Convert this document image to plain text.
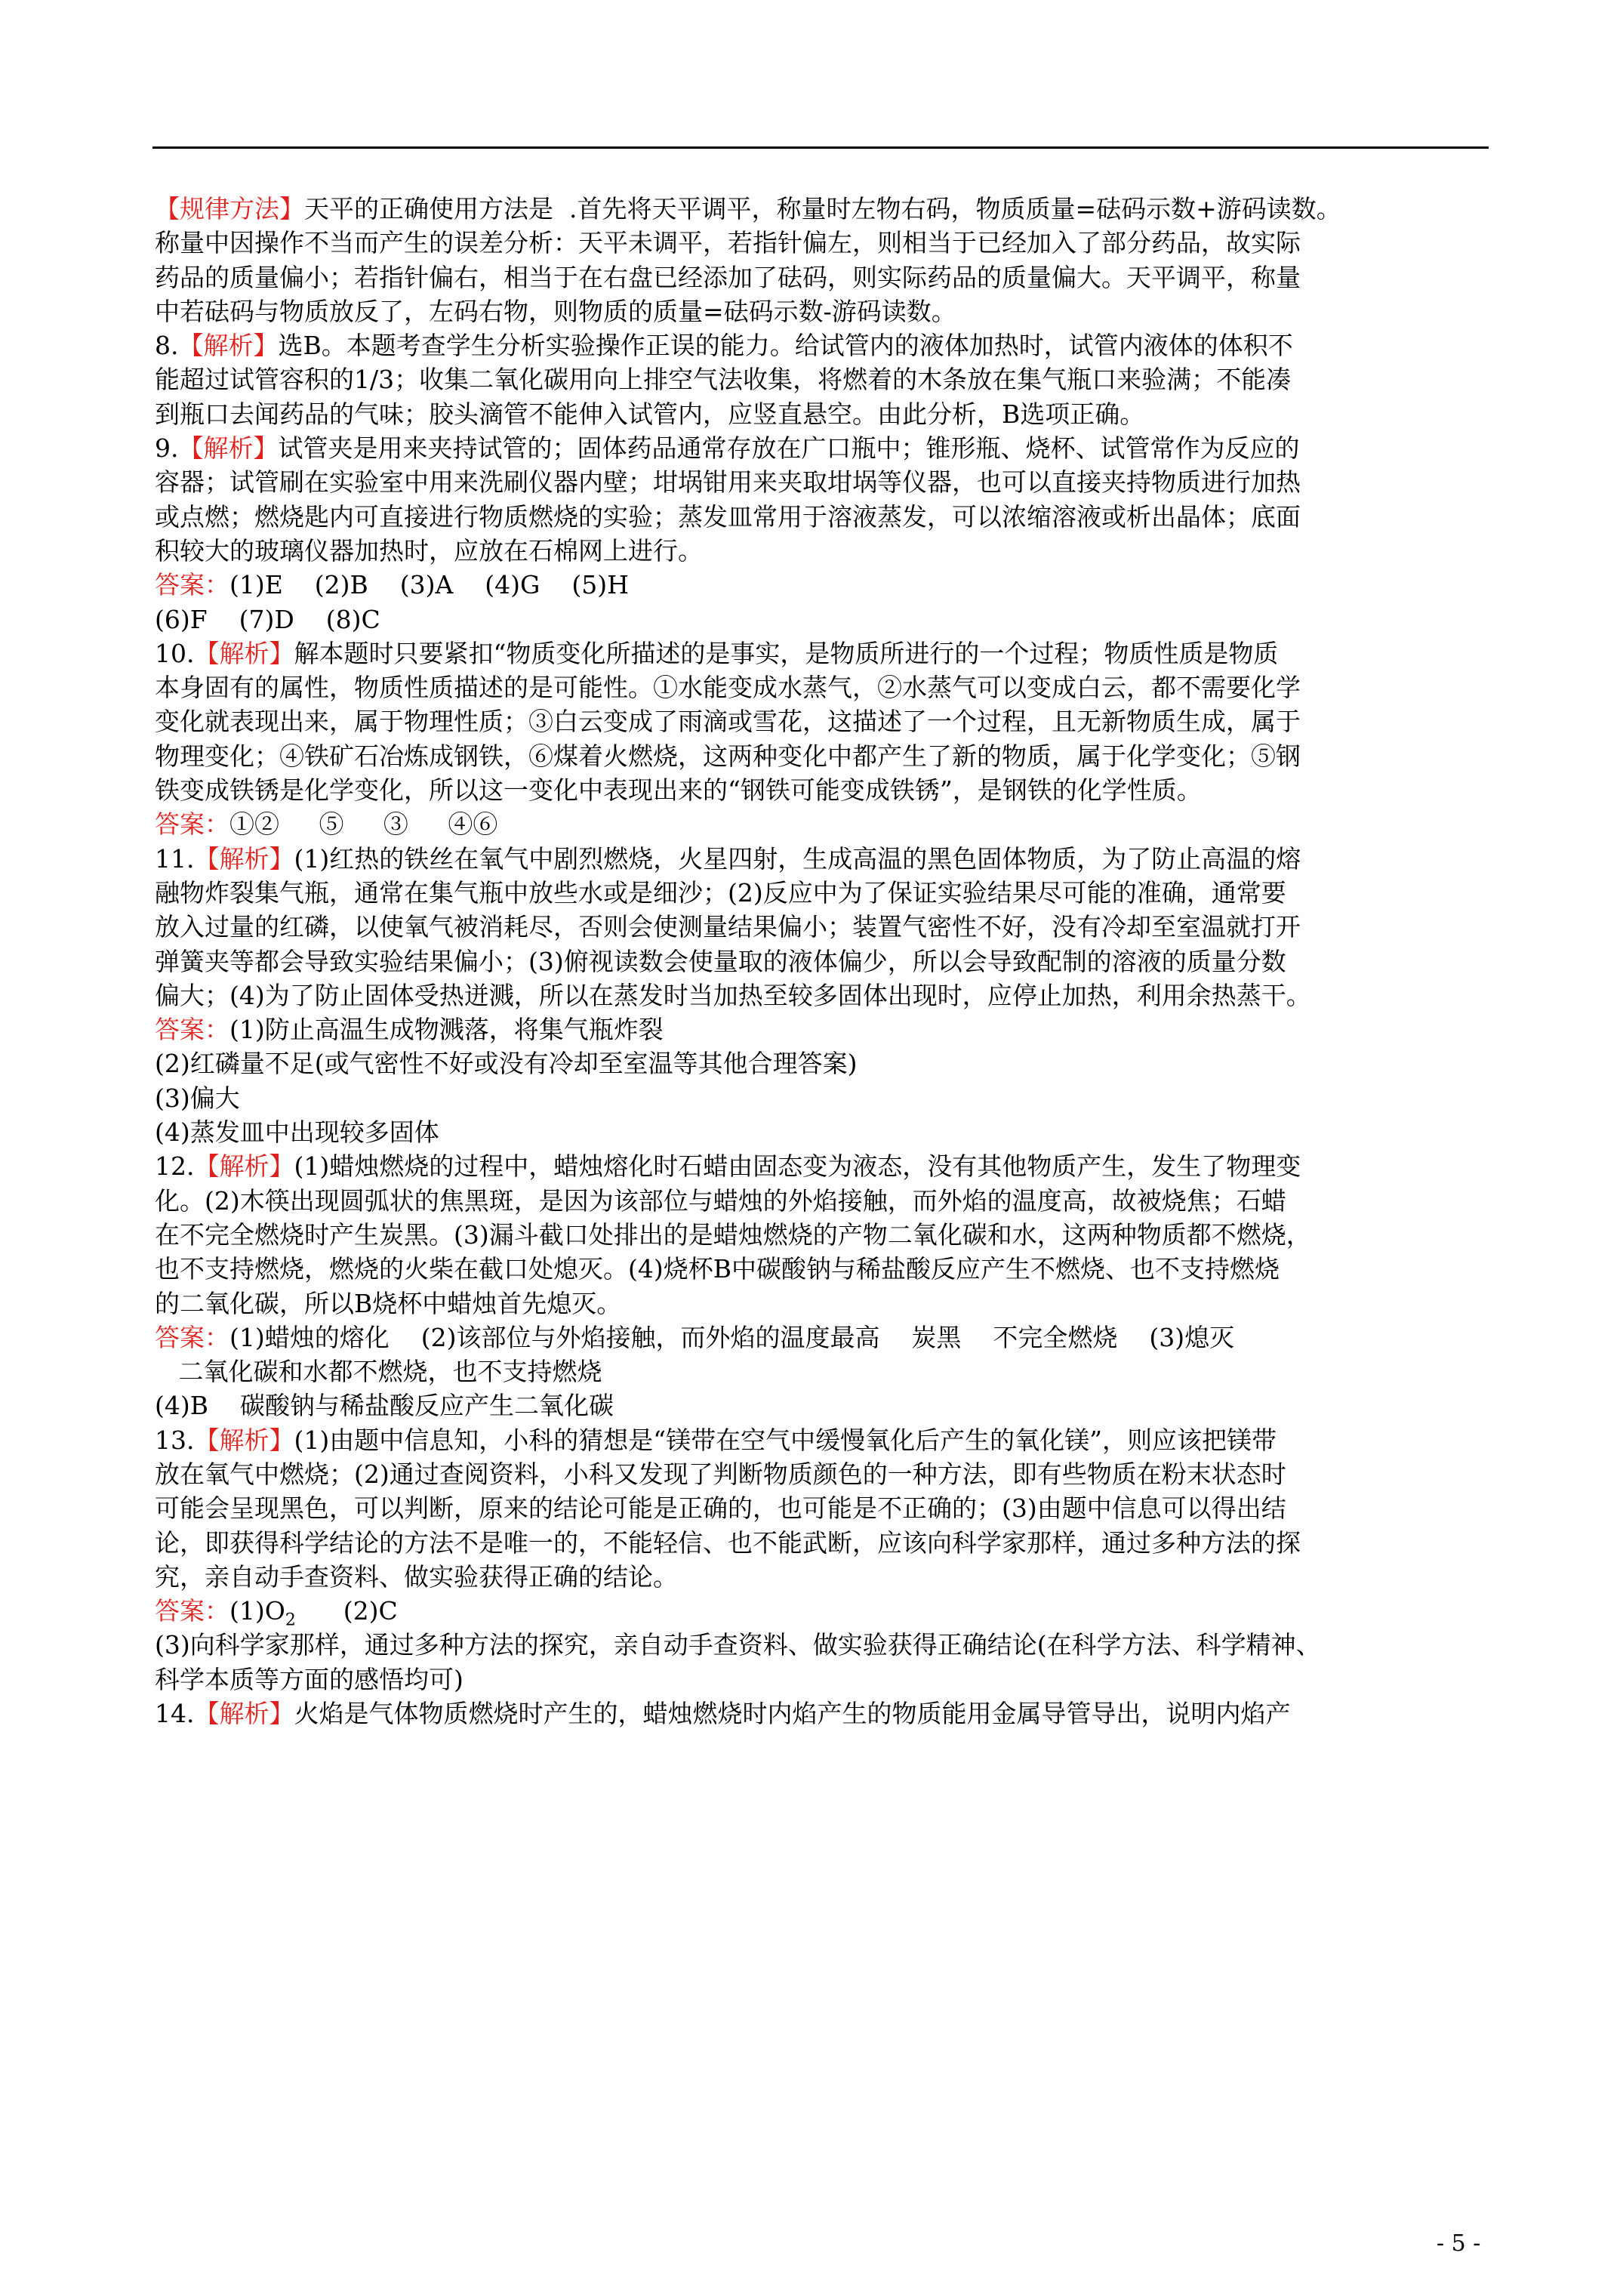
【规律方法】天平的正确使用方法是  .首先将天平调平，称量时左物右码，物质质量=砝码示数+游码读数。
称量中因操作不当而产生的误差分析：天平未调平，若指针偏左，则相当于已经加入了部分药品，故实际
药品的质量偏小；若指针偏右，相当于在右盘已经添加了砝码，则实际药品的质量偏大。天平调平，称量
中若砝码与物质放反了，左码右物，则物质的质量=砝码示数-游码读数。
8.【解析】选B。本题考查学生分析实验操作正误的能力。给试管内的液体加热时，试管内液体的体积不
能超过试管容积的1/3；收集二氧化碳用向上排空气法收集，将燃着的木条放在集气瓶口来验满；不能凑
到瓶口去闻药品的气味；胶头滴管不能伸入试管内，应竖直悬空。由此分析，B选项正确。
9.【解析】试管夹是用来夹持试管的；固体药品通常存放在广口瓶中；锥形瓶、烧杯、试管常作为反应的
容器；试管刷在实验室中用来洗刷仪器内壁；坩埚钳用来夹取坩埚等仪器，也可以直接夹持物质进行加热
或点燃；燃烧匙内可直接进行物质燃烧的实验；蒸发皿常用于溶液蒸发，可以浓缩溶液或析出晶体；底面
积较大的玻璃仪器加热时，应放在石棉网上进行。
答案：(1)E    (2)B    (3)A    (4)G    (5)H
(6)F    (7)D    (8)C
10.【解析】解本题时只要紧扣“物质变化所描述的是事实，是物质所进行的一个过程；物质性质是物质
本身固有的属性，物质性质描述的是可能性。①水能变成水蒸气，②水蒸气可以变成白云，都不需要化学
变化就表现出来，属于物理性质；③白云变成了雨滴或雪花，这描述了一个过程，且无新物质生成，属于
物理变化；④铁矿石冶炼成钢铁，⑥煤着火燃烧，这两种变化中都产生了新的物质，属于化学变化；⑤钢
铁变成铁锈是化学变化，所以这一变化中表现出来的“钢铁可能变成铁锈”，是钢铁的化学性质。
答案：①②     ⑤     ③     ④⑥
11.【解析】(1)红热的铁丝在氧气中剧烈燃烧，火星四射，生成高温的黑色固体物质，为了防止高温的熔
融物炸裂集气瓶，通常在集气瓶中放些水或是细沙；(2)反应中为了保证实验结果尽可能的准确，通常要
放入过量的红磷，以使氧气被消耗尽，否则会使测量结果偏小；装置气密性不好，没有冷却至室温就打开
弹簧夹等都会导致实验结果偏小；(3)俯视读数会使量取的液体偏少，所以会导致配制的溶液的质量分数
偏大；(4)为了防止固体受热迸溅，所以在蒸发时当加热至较多固体出现时，应停止加热，利用余热蒸干。
答案：(1)防止高温生成物溅落，将集气瓶炸裂
(2)红磷量不足(或气密性不好或没有冷却至室温等其他合理答案)
(3)偏大
(4)蒸发皿中出现较多固体
12.【解析】(1)蜡烛燃烧的过程中，蜡烛熔化时石蜡由固态变为液态，没有其他物质产生，发生了物理变
化。(2)木筷出现圆弧状的焦黑斑，是因为该部位与蜡烛的外焰接触，而外焰的温度高，故被烧焦；石蜡
在不完全燃烧时产生炭黑。(3)漏斗截口处排出的是蜡烛燃烧的产物二氧化碳和水，这两种物质都不燃烧，
也不支持燃烧，燃烧的火柴在截口处熄灭。(4)烧杯B中碳酸钠与稀盐酸反应产生不燃烧、也不支持燃烧
的二氧化碳，所以B烧杯中蜡烛首先熄灭。
答案：(1)蜡烛的熔化    (2)该部位与外焰接触，而外焰的温度最高    炭黑    不完全燃烧    (3)熄灭
二氧化碳和水都不燃烧，也不支持燃烧
(4)B    碳酸钠与稀盐酸反应产生二氧化碳
13.【解析】(1)由题中信息知，小科的猜想是“镁带在空气中缓慢氧化后产生的氧化镁”，则应该把镁带
放在氧气中燃烧；(2)通过查阅资料，小科又发现了判断物质颜色的一种方法，即有些物质在粉末状态时
可能会呈现黑色，可以判断，原来的结论可能是正确的，也可能是不正确的；(3)由题中信息可以得出结
论，即获得科学结论的方法不是唯一的，不能轻信、也不能武断，应该向科学家那样，通过多种方法的探
究，亲自动手查资料、做实验获得正确的结论。
答案：$(1)O_2$      (2)C
(3)向科学家那样，通过多种方法的探究，亲自动手查资料、做实验获得正确结论(在科学方法、科学精神、
科学本质等方面的感悟均可)
14.【解析】火焰是气体物质燃烧时产生的，蜡烛燃烧时内焰产生的物质能用金属导管导出，说明内焰产
- 5 -
